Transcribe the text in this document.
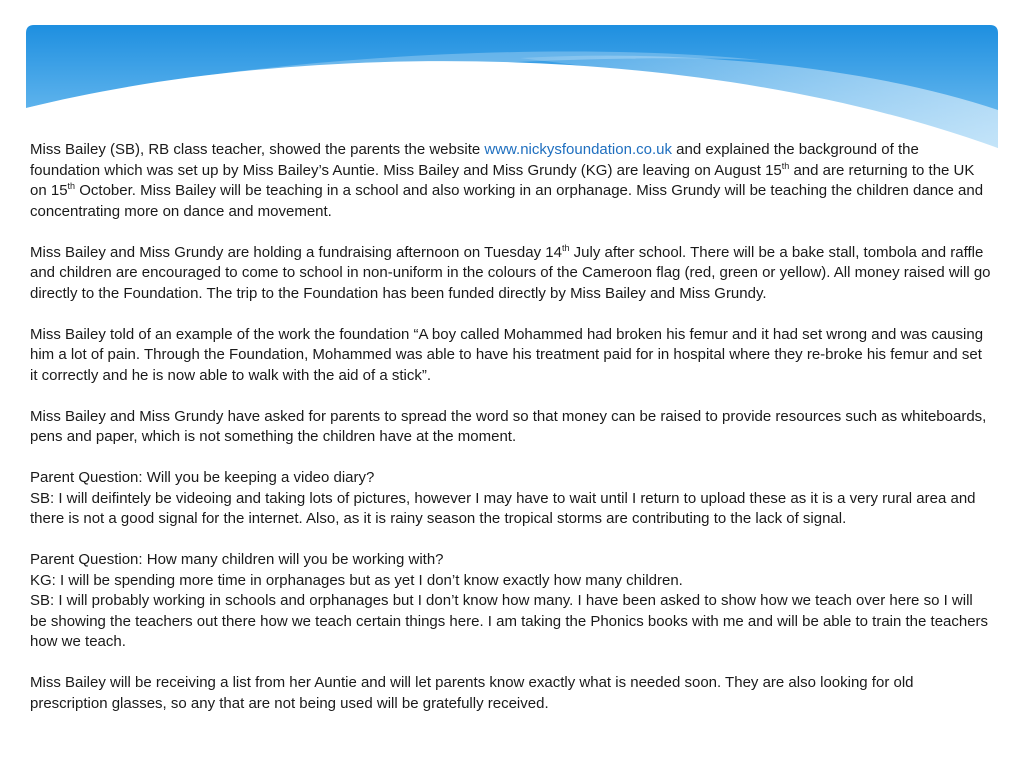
Miss Bailey (SB), RB class teacher, showed the parents the website www.nickysfoundation.co.uk and explained the background of the foundation which was set up by Miss Bailey’s Auntie. Miss Bailey and Miss Grundy (KG) are leaving on August 15th and are returning to the UK on 15th October. Miss Bailey will be teaching in a school and also working in an orphanage. Miss Grundy will be teaching the children dance and concentrating more on dance and movement.

Miss Bailey and Miss Grundy are holding a fundraising afternoon on Tuesday 14th July after school. There will be a bake stall, tombola and raffle and children are encouraged to come to school in non-uniform in the colours of the Cameroon flag (red, green or yellow). All money raised will go directly to the Foundation. The trip to the Foundation has been funded directly by Miss Bailey and Miss Grundy.

Miss Bailey told of an example of the work the foundation “A boy called Mohammed had broken his femur and it had set wrong and was causing him a lot of pain. Through the Foundation, Mohammed was able to have his treatment paid for in hospital where they re-broke his femur and set it correctly and he is now able to walk with the aid of a stick”.

Miss Bailey and Miss Grundy have asked for parents to spread the word so that money can be raised to provide resources such as whiteboards, pens and paper, which is not something the children have at the moment.

Parent Question: Will you be keeping a video diary?
SB: I will deifintely be videoing and taking lots of pictures, however I may have to wait until I return to upload these as it is a very rural area and there is not a good signal for the internet. Also, as it is rainy season the tropical storms are contributing to the lack of signal.

Parent Question: How many children will you be working with?
KG: I will be spending more time in orphanages but as yet I don’t know exactly how many children.
SB: I will probably working in schools and orphanages but I don’t know how many. I have been asked to show how we teach over here so I will be showing the teachers out there how we teach certain things here. I am taking the Phonics books with me and will be able to train the teachers how we teach.

Miss Bailey will be receiving a list from her Auntie and will let parents know exactly what is needed soon. They are also looking for old prescription glasses, so any that are not being used will be gratefully received.
